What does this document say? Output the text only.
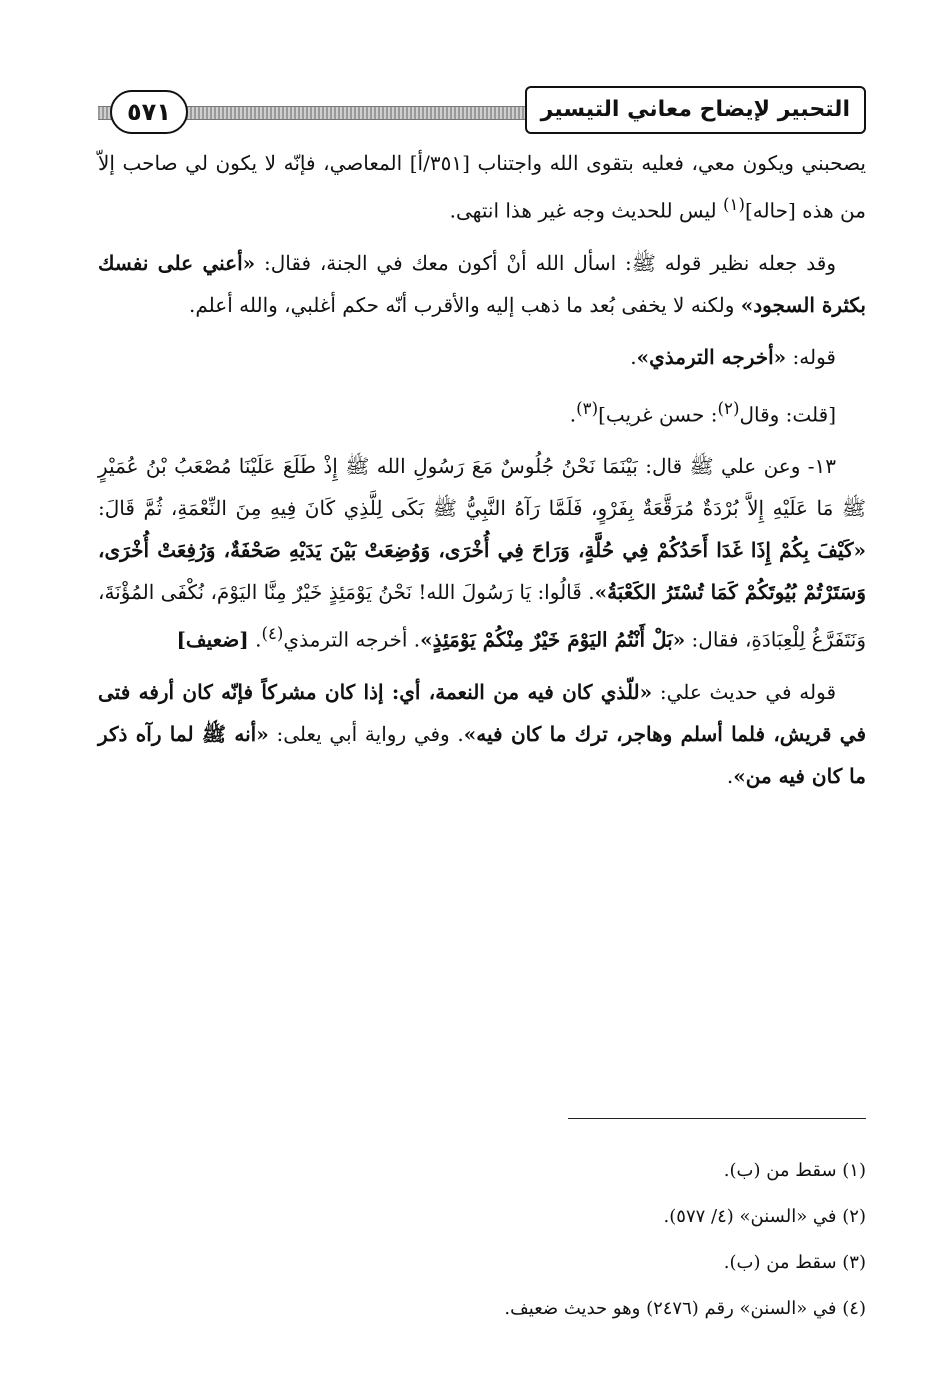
٥٧١	التحبير لإيضاح معاني التيسير

يصحبني ويكون معي، فعليه بتقوى الله واجتناب [٣٥١/أ] المعاصي، فإنّه لا يكون لي صاحب إلاّ من هذه [حاله]$^{(١)}$ ليس للحديث وجه غير هذا انتهى.

وقد جعله نظير قوله ﷺ: اسأل الله أنْ أكون معك في الجنة، فقال: «أعني على نفسك بكثرة السجود» ولكنه لا يخفى بُعد ما ذهب إليه والأقرب أنّه حكم أغلبي، والله أعلم.

قوله: «أخرجه الترمذي».

[قلت: وقال$^{(٢)}$: حسن غريب]$^{(٣)}$.

١٣- وعن علي ﷺ قال: بَيْنَمَا نَحْنُ جُلُوسٌ مَعَ رَسُولِ الله ﷺ إِذْ طَلَعَ عَلَيْنَا مُصْعَبُ بْنُ عُمَيْرٍ ﷺ مَا عَلَيْهِ إِلاَّ بُرْدَةٌ مُرَقَّعَةٌ بِفَرْوٍ، فَلَمَّا رَآهُ النَّبِيُّ ﷺ بَكَى لِلَّذِي كَانَ فِيهِ مِنَ النِّعْمَةِ، ثُمَّ قَالَ: «كَيْفَ بِكُمْ إِذَا غَدَا أَحَدُكُمْ فِي حُلَّةٍ، وَرَاحَ فِي أُخْرَى، وَوُضِعَتْ بَيْنَ يَدَيْهِ صَحْفَةٌ، وَرُفِعَتْ أُخْرَى، وَسَتَرْتُمْ بُيُوتَكُمْ كَمَا تُسْتَرُ الكَعْبَةُ». قَالُوا: يَا رَسُولَ الله! نَحْنُ يَوْمَئِذٍ خَيْرٌ مِنَّا اليَوْمَ، نُكْفَى المُؤْنَةَ، وَنَتَفَرَّغُ لِلْعِبَادَةِ، فقال: «بَلْ أَنْتُمُ اليَوْمَ خَيْرٌ مِنْكُمْ يَوْمَئِذٍ». أخرجه الترمذي$^{(٤)}$. [ضعيف]

قوله في حديث علي: «للّذي كان فيه من النعمة، أي: إذا كان مشركاً فإنّه كان أرفه فتى في قريش، فلما أسلم وهاجر، ترك ما كان فيه». وفي رواية أبي يعلى: «أنه ﷺ لما رآه ذكر ما كان فيه من».

(١) سقط من (ب).

(٢) في «السنن» (٤/ ٥٧٧).

(٣) سقط من (ب).

(٤) في «السنن» رقم (٢٤٧٦) وهو حديث ضعيف.
